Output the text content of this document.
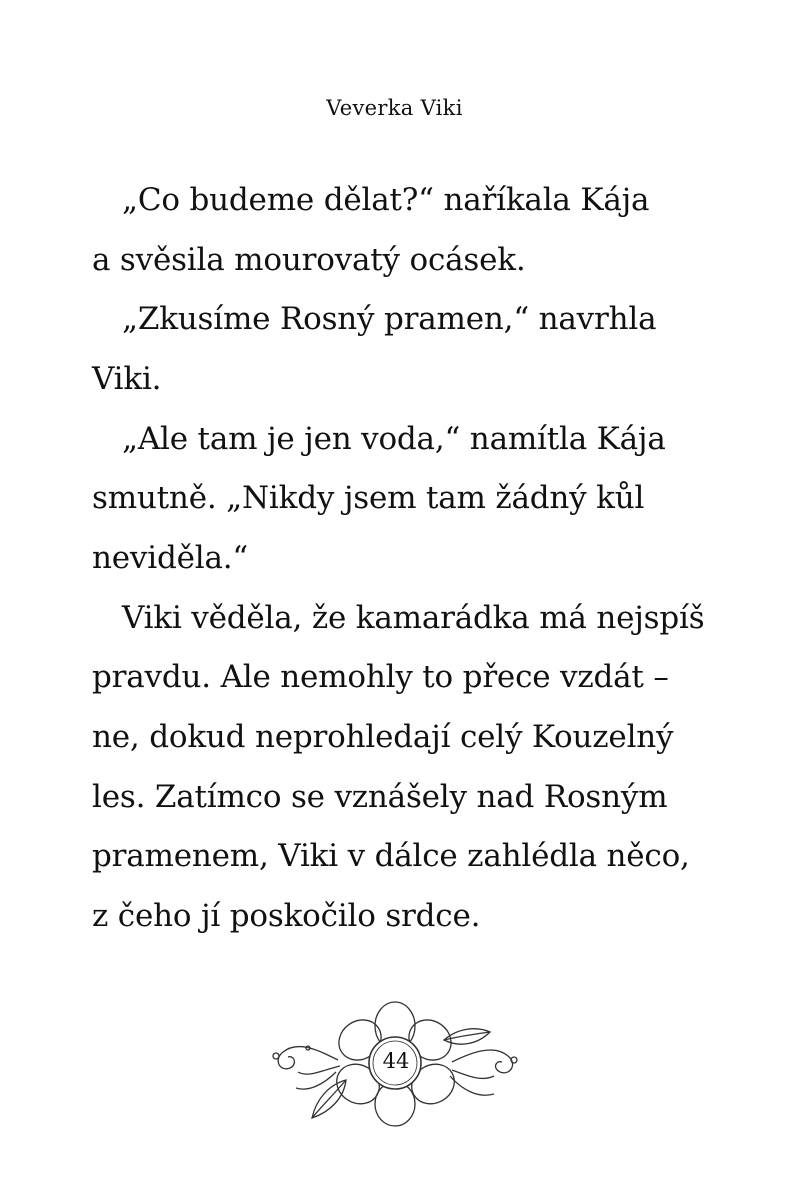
Veverka Viki
„Co budeme dělat?“ naříkala Kája
a svěsila mourovatý ocásek.
„Zkusíme Rosný pramen,“ navrhla
Viki.
„Ale tam je jen voda,“ namítla Kája
smutně. „Nikdy jsem tam žádný kůl
neviděla.“
Viki věděla, že kamarádka má nejspíš
pravdu. Ale nemohly to přece vzdát –
ne, dokud neprohledají celý Kouzelný
les. Zatímco se vznášely nad Rosným
pramenem, Viki v dálce zahlédla něco,
z čeho jí poskočilo srdce.
44
